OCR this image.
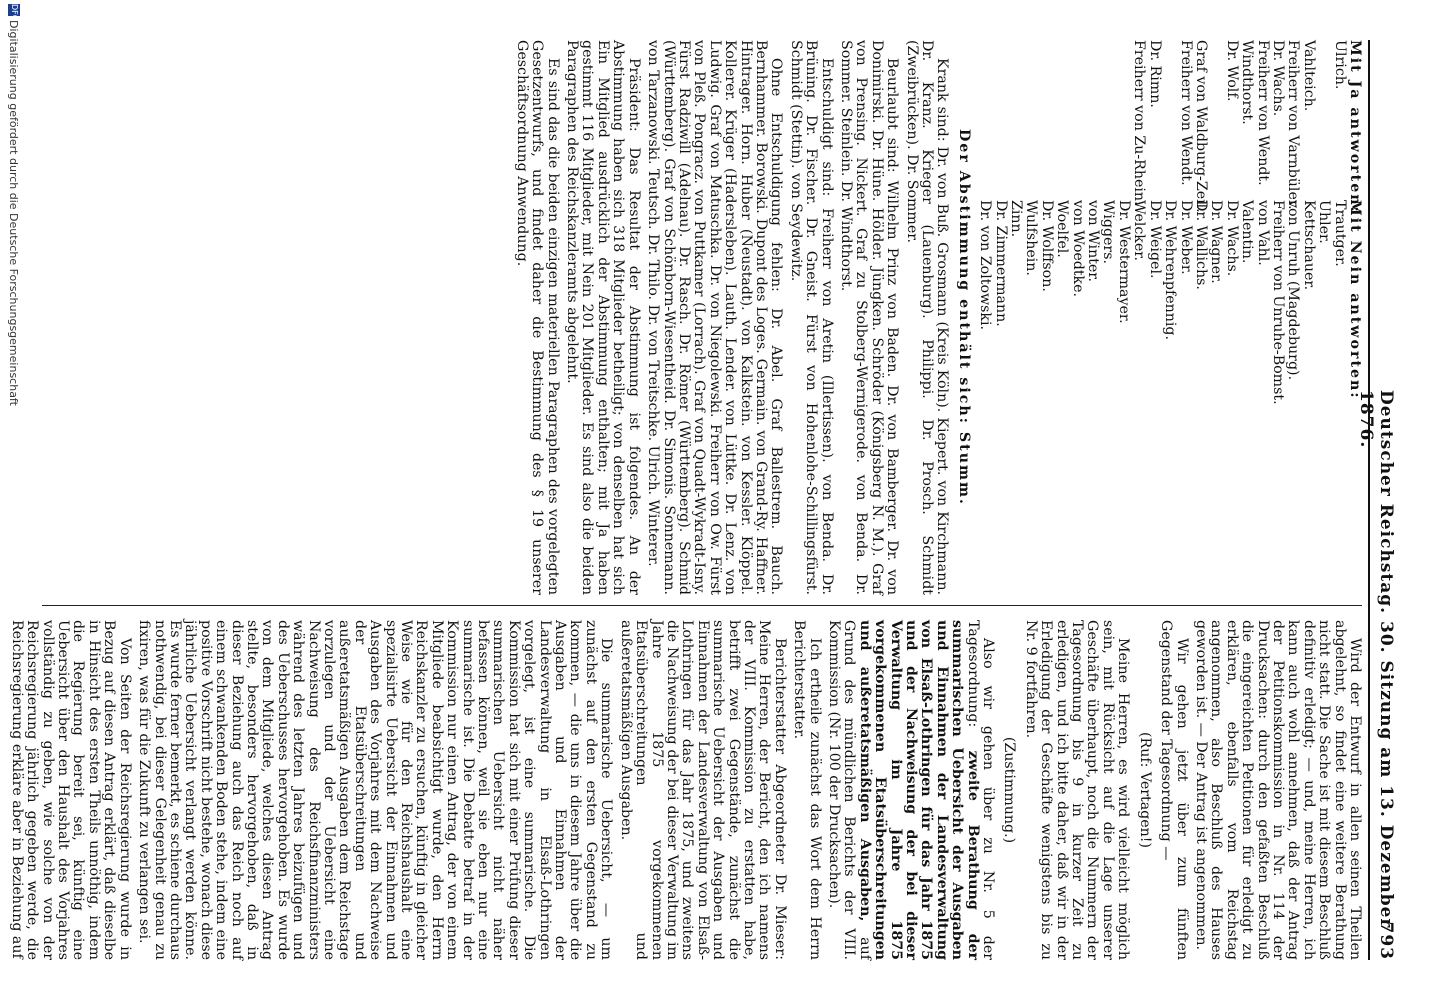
Deutscher Reichstag. 30. Sitzung am 13. Dezember 1876.
793
Mit Ja antworten:
Mit Nein antworten:
Ulrich.

Vahlteich.
Freiherr von Varnbüler.
Dr. Wachs.
Freiherr von Wendt.
Windthorst.
Dr. Wolf.

Graf von Waldburg-Zeil.
Freiherr von Wendt.

Dr. Rimn.
Freiherr von Zu-Rhein.
Trautger.
Uhler.
Kettschauer.
von Unruh (Magdeburg).
Freiherr von Unruhe-Bomst.
von Vahl.
Valentin.
Dr. Wachs.
Dr. Wagner.
Dr. Wallichs.
Dr. Weber.
Dr. Wehrenpfennig.
Dr. Weigel.
Welcker.
Dr. Westermayer.
Wiggers.
von Winter.
von Woedtke.
Woelfel.
Dr. Wolffson.
Wulfshein.
Zinn.
Dr. Zimmermann.
Dr. von Zoltowski.

Der Abstimmung enthält sich: Stumm.

Krank sind: Dr. von Buß. Grosmann (Kreis Köln). Kiepert. von Kirchmann. Dr. Kranz. Krieger (Lauenburg). Philippi. Dr. Prosch. Schmidt (Zweibrücken). Dr. Sommer.

Beurlaubt sind: Wilhelm Prinz von Baden. Dr. von Bamberger. Dr. von Donimirski. Dr. Hüne. Hölder. Jüngken. Schröder (Königsberg N. M.). Graf von Prensing. Nickert. Graf zu Stolberg-Wernigerode. von Benda. Dr. Sommer. Steinlein. Dr. Windthorst.

Entschuldigt sind: Freiherr von Aretin (Illertissen). von Benda. Dr. Brüning. Dr. Fischer. Dr. Gneist. Fürst von Hohenlohe-Schillingsfürst. Schmidt (Stettin). von Seydewitz.

Ohne Entschuldigung fehlen: Dr. Abel. Graf Ballestrem. Bauch. Bernhammer. Borowski. Dupont des Loges. Germain. von Grand-Ry. Haffner. Hintrager. Horn. Huber (Neustadt). von Kalkstein. von Kessler. Klöppel. Kollerer. Krüger (Hadersleben). Lauth. Lender. von Lüttke. Dr. Lenz. von Ludwig. Graf von Matuschka. Dr. von Niegolewski. Freiherr von Ow. Fürst von Pleß. Pongracz. von Puttkamer (Lorrach). Graf von Quadt-Wykradt-Isny. Fürst Radziwill (Adelnau). Dr. Rasch. Dr. Römer (Württemberg). Schmid (Württemberg). Graf von Schönborn-Wiesentheid. Dr. Simonis. Sonnemann. von Tarzanowski. Teutsch. Dr. Thilo. Dr. von Treitschke. Ulrich. Winterer.

Präsident: Das Resultat der Abstimmung ist folgendes. An der Abstimmung haben sich 318 Mitglieder betheiligt; von denselben hat sich Ein Mitglied ausdrücklich der Abstimmung enthalten; mit Ja haben gestimmt 116 Mitglieder, mit Nein 201 Mitglieder. Es sind also die beiden Paragraphen des Reichskanzleramts abgelehnt.

Es sind das die beiden einzigen materiellen Paragraphen des vorgelegten Gesetzentwurfs, und findet daher die Bestimmung des § 19 unserer Geschäftsordnung Anwendung.

Wird der Entwurf in allen seinen Theilen abgelehnt, so findet eine weitere Berathung nicht statt. Die Sache ist mit diesem Beschluß definitiv erledigt; — und, meine Herren, ich kann auch wohl annehmen, daß der Antrag der Petitionskommission in Nr. 114 der Drucksachen: durch den gefaßten Beschluß die eingereichten Petitionen für erledigt zu erklären, ebenfalls vom Reichstag angenommen, also Beschluß des Hauses geworden ist. — Der Antrag ist angenommen.

Wir gehen jetzt über zum fünften Gegenstand der Tagesordnung —

(Ruf: Vertagen!)

Meine Herren, es wird vielleicht möglich sein, mit Rücksicht auf die Lage unserer Geschäfte überhaupt, noch die Nummern der Tagesordnung bis 9 in kurzer Zeit zu erledigen, und ich bitte daher, daß wir in der Erledigung der Geschäfte wenigstens bis zu Nr. 9 fortfahren.

(Zustimmung.)

Also wir gehen über zu Nr. 5 der Tagesordnung: zweite Berathung der summarischen Uebersicht der Ausgaben und Einnahmen der Landesverwaltung von Elsaß-Lothringen für das Jahr 1875 und der Nachweisung der bei dieser Verwaltung im Jahre 1875 vorgekommenen Etatsüberschreitungen und außeretatsmäßigen Ausgaben, auf Grund des mündlichen Berichts der VIII. Kommission (Nr. 100 der Drucksachen).

Ich ertheile zunächst das Wort dem Herrn Berichterstatter.

Berichterstatter Abgeordneter Dr. Mieser: Meine Herren, der Bericht, den ich namens der VIII. Kommission zu erstatten habe, betrifft zwei Gegenstände, zunächst die summarische Uebersicht der Ausgaben und Einnahmen der Landesverwaltung von Elsaß-Lothringen für das Jahr 1875, und zweitens die Nachweisung der bei dieser Verwaltung im Jahre 1875 vorgekommenen Etatsüberschreitungen und außeretatsmäßigen Ausgaben.

Die summarische Uebersicht, — um zunächst auf den ersten Gegenstand zu kommen, — die uns in diesem Jahre über die Ausgaben und Einnahmen der Landesverwaltung in Elsaß-Lothringen vorgelegt, ist eine summarische. Die Kommission hat sich mit einer Prüfung dieser summarischen Uebersicht nicht näher befassen können, weil sie eben nur eine summarische ist. Die Debatte betraf in der Kommission nur einen Antrag, der von einem Mitgliede beabsichtigt wurde, den Herrn Reichskanzler zu ersuchen, künftig in gleicher Weise wie für den Reichshaushalt eine spezialisirte Uebersicht der Einnahmen und Ausgaben des Vorjahres mit dem Nachweise der Etatsüberschreitungen und außeretatsmäßigen Ausgaben dem Reichstage vorzulegen und der Uebersicht eine Nachweisung des Reichsfinanzministers während des letzten Jahres beizufügen und des Ueberschusses hervorgehoben. Es wurde von dem Mitgliede, welches diesen Antrag stellte, besonders hervorgehoben, daß in dieser Beziehung auch das Reich noch auf einem schwankenden Boden stehe, indem eine positive Vorschrift nicht bestehe, wonach diese jährliche Uebersicht verlangt werden könne. Es wurde ferner bemerkt, es schiene durchaus nothwendig, bei dieser Gelegenheit genau zu fixiren, was für die Zukunft zu verlangen sei.

Von Seiten der Reichsregierung wurde in Bezug auf diesen Antrag erklärt, daß dieselbe in Hinsicht des ersten Theils unnöthig, indem die Regierung bereit sei, künftig eine Uebersicht über den Haushalt des Vorjahres vollständig zu geben, wie solche von der Reichsregierung jährlich gegeben werde, die Reichsregierung erkläre aber in Beziehung auf

DFG
Digitalisierung gefördert durch die Deutsche Forschungsgemeinschaft
